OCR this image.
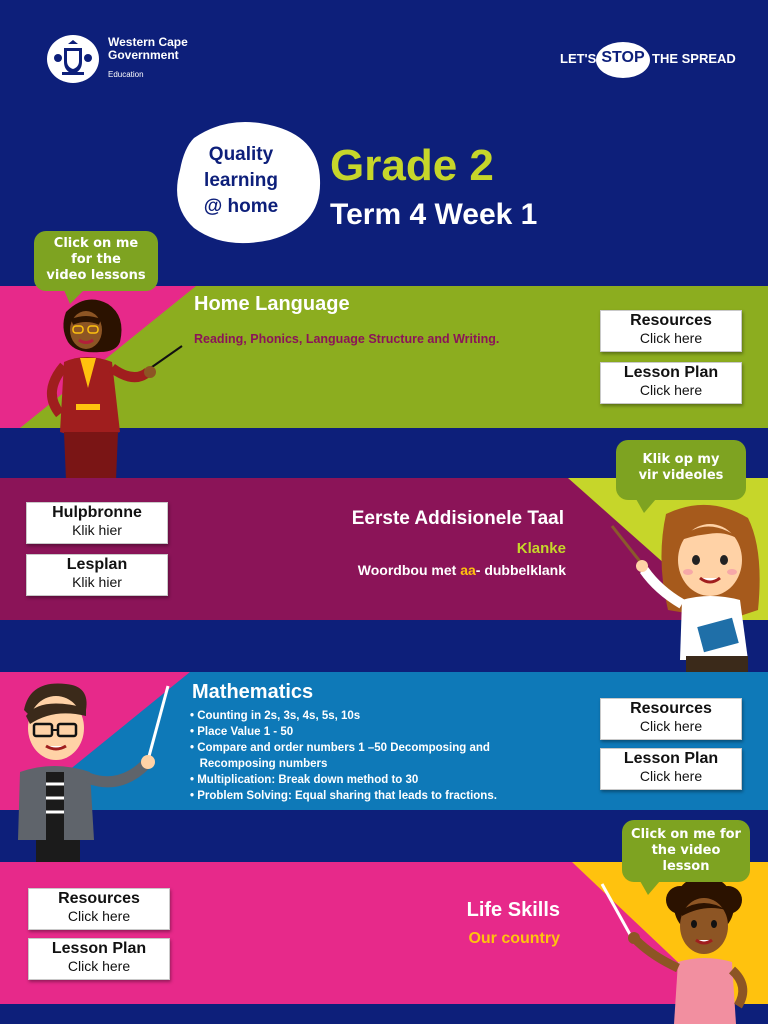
Western Cape
Government
Education
LET'S STOP THE SPREAD
Quality
learning
@ home
Grade 2
Term 4 Week 1
Home Language
Reading, Phonics, Language Structure and Writing.
Resources
Click here
Lesson Plan
Click here
Click on me
for the
video lessons
Eerste Addisionele Taal
Klanke
Woordbou met aa- dubbelklank
Hulpbronne
Klik hier
Lesplan
Klik hier
Klik op my
vir videoles
Mathematics
• Counting in 2s, 3s, 4s, 5s, 10s
• Place Value 1 - 50
• Compare and order numbers 1 –50 Decomposing and
Recomposing numbers
• Multiplication: Break down method to 30
• Problem Solving: Equal sharing that leads to fractions.
Resources
Click here
Lesson Plan
Click here
Life Skills
Our country
Resources
Click here
Lesson Plan
Click here
Click on me for
the video
lesson
